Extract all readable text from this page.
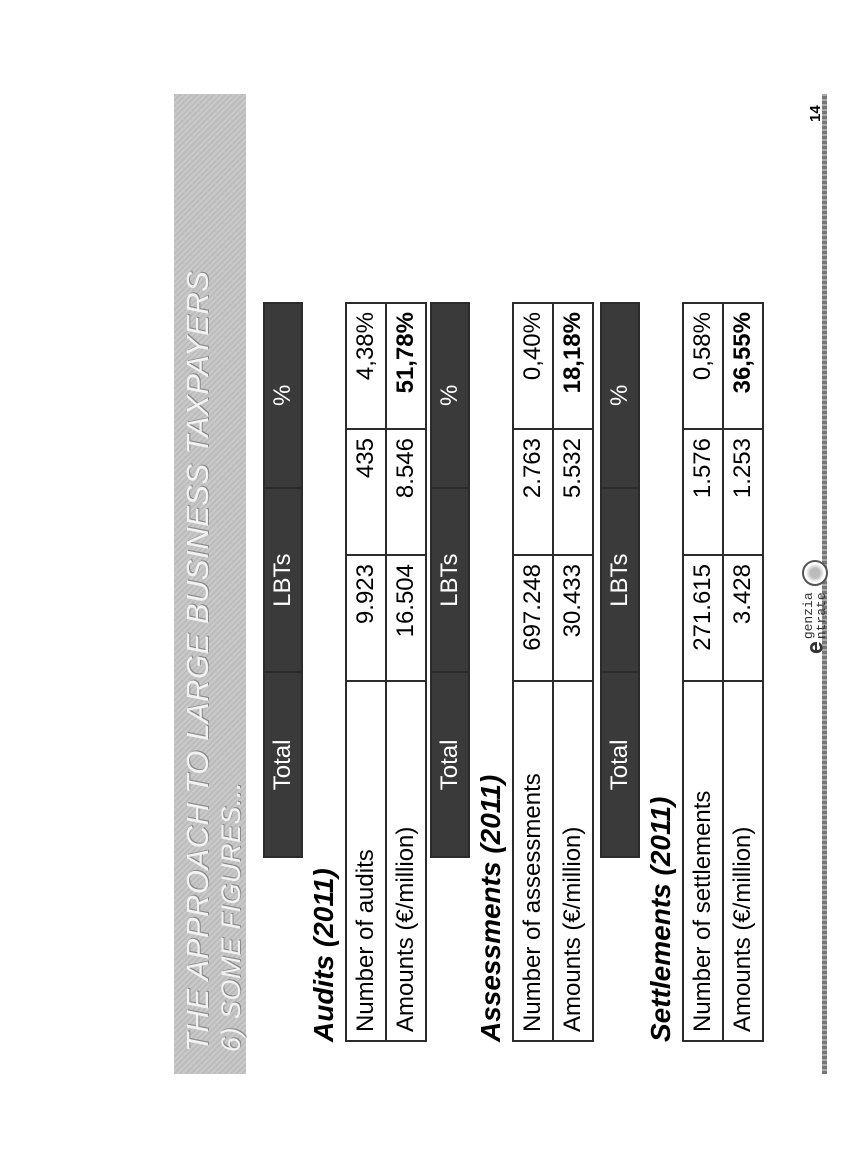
THE APPROACH TO LARGE BUSINESS TAXPAYERS 6) SOME FIGURES... Audits (2011)
	Total	LBTs	%
Number of audits	9.923	435	4,38%
Amounts (€/million)	16.504	8.546	51,78%
Assessments (2011)
	Total	LBTs	%
Number of assessments	697.248	2.763	0,40%
Amounts (€/million)	30.433	5.532	18,18%
Settlements (2011)
	Total	LBTs	%
Number of settlements	271.615	1.576	0,58%
Amounts (€/million)	3.428	1.253	36,55%
𝐞
genzia
ntrate
14
